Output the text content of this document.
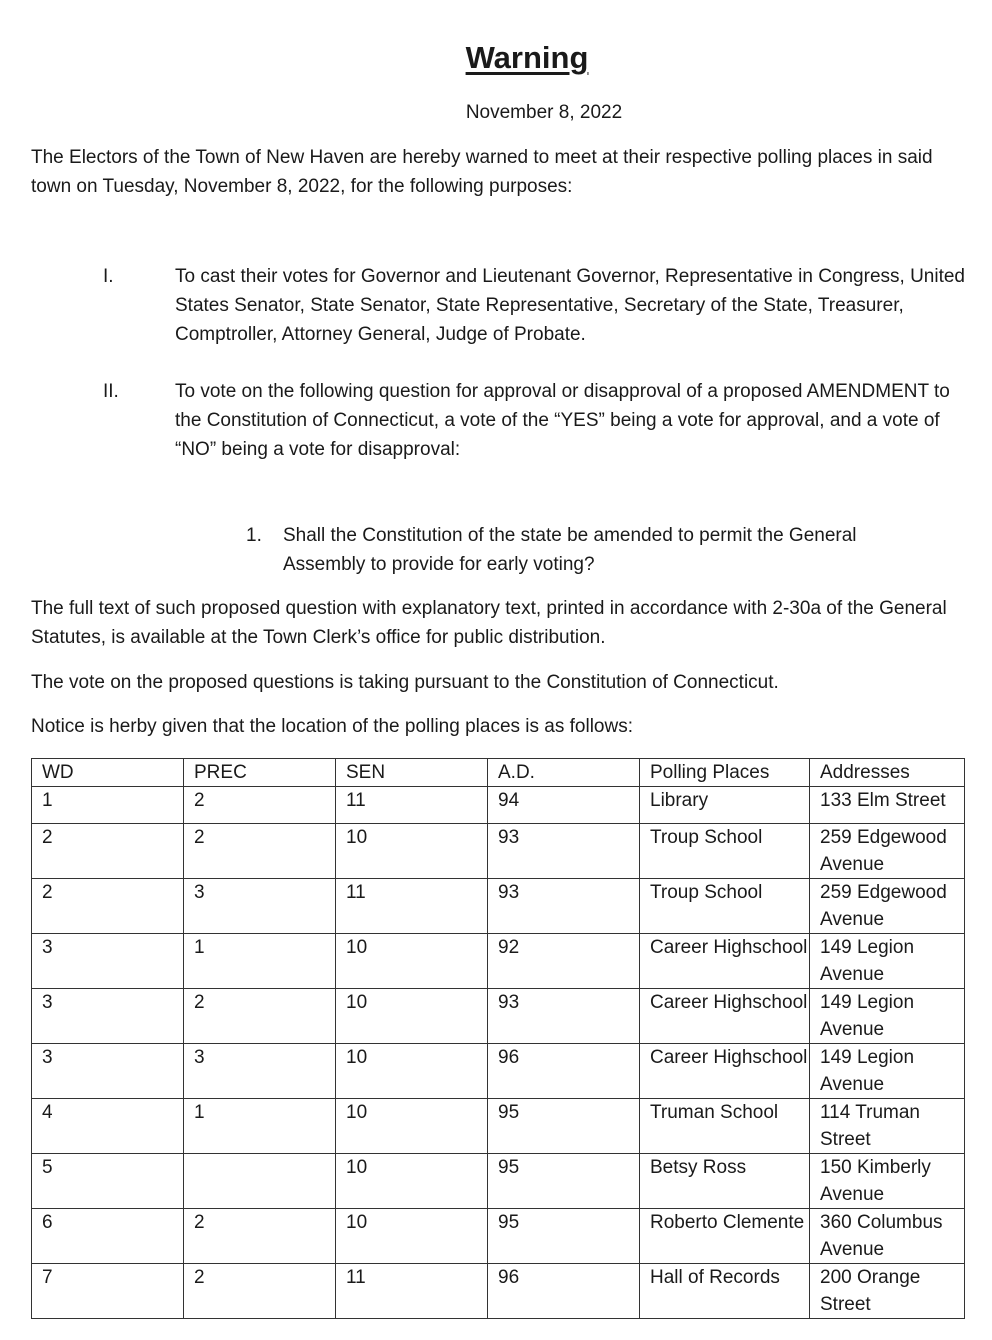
Warning
November 8, 2022

The Electors of the Town of New Haven are hereby warned to meet at their respective polling places in said town on Tuesday, November 8, 2022, for the following purposes:

I.	To cast their votes for Governor and Lieutenant Governor, Representative in Congress, United States Senator, State Senator, State Representative, Secretary of the State, Treasurer, Comptroller, Attorney General, Judge of Probate.
II.	To vote on the following question for approval or disapproval of a proposed AMENDMENT to the Constitution of Connecticut, a vote of the “YES” being a vote for approval, and a vote of “NO” being a vote for disapproval:
1.	Shall the Constitution of the state be amended to permit the General Assembly to provide for early voting?

The full text of such proposed question with explanatory text, printed in accordance with 2-30a of the General Statutes, is available at the Town Clerk’s office for public distribution.

The vote on the proposed questions is taking pursuant to the Constitution of Connecticut.

Notice is herby given that the location of the polling places is as follows:

WD	PREC	SEN	A.D.	Polling Places	Addresses
1	2	11	94	Library	133 Elm Street
2	2	10	93	Troup School	259 Edgewood Avenue
2	3	11	93	Troup School	259 Edgewood Avenue
3	1	10	92	Career Highschool	149 Legion Avenue
3	2	10	93	Career Highschool	149 Legion Avenue
3	3	10	96	Career Highschool	149 Legion Avenue
4	1	10	95	Truman School	114 Truman Street
5		10	95	Betsy Ross	150 Kimberly Avenue
6	2	10	95	Roberto Clemente	360 Columbus Avenue
7	2	11	96	Hall of Records	200 Orange Street
